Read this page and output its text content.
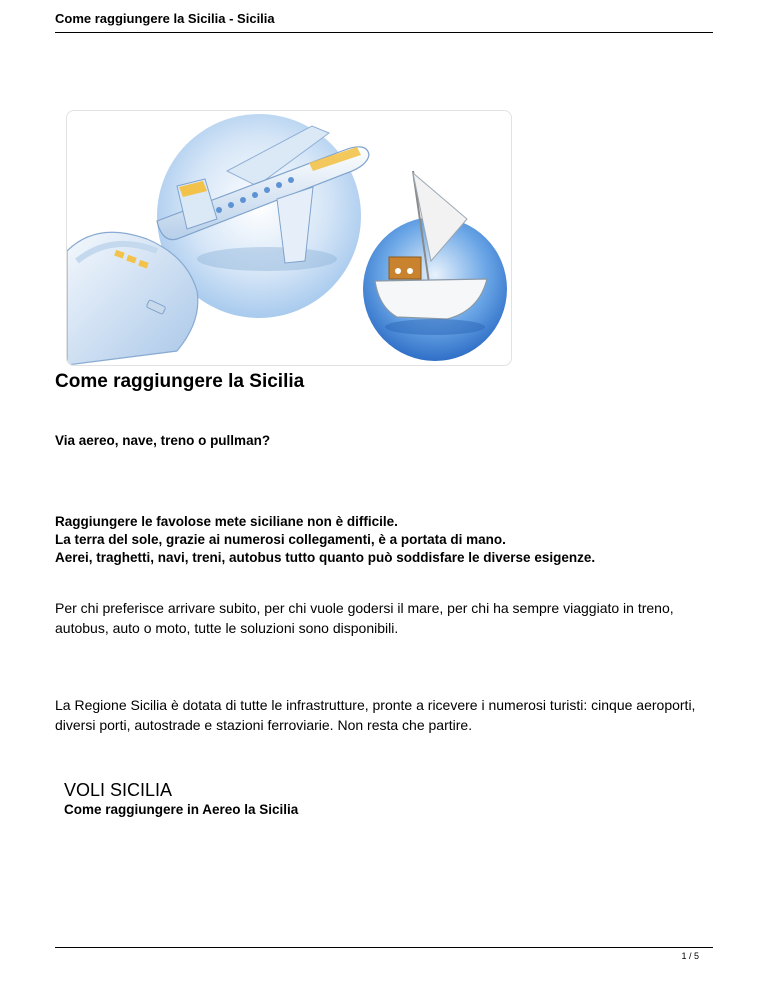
Come raggiungere la Sicilia - Sicilia
Come raggiungere la Sicilia

Via aereo, nave, treno o pullman?

Raggiungere le favolose mete siciliane non è difficile.
La terra del sole, grazie ai numerosi collegamenti, è a portata di mano.
Aerei, traghetti, navi, treni, autobus tutto quanto può soddisfare le diverse esigenze.

Per chi preferisce arrivare subito, per chi vuole godersi il mare, per chi ha sempre viaggiato in treno, autobus, auto o moto, tutte le soluzioni sono disponibili.

La Regione Sicilia è dotata di tutte le infrastrutture, pronte a ricevere i numerosi turisti: cinque aeroporti, diversi porti, autostrade e stazioni ferroviarie. Non resta che partire.

VOLI SICILIA

Come raggiungere in Aereo la Sicilia

1 / 5
